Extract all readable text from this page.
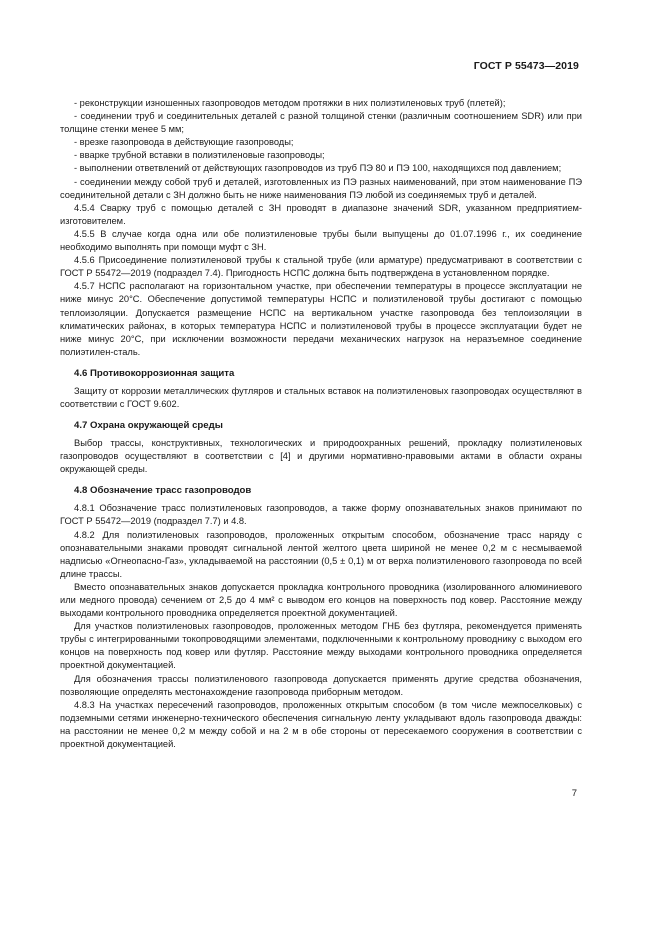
ГОСТ Р 55473—2019

- реконструкции изношенных газопроводов методом протяжки в них полиэтиленовых труб (плетей);

- соединении труб и соединительных деталей с разной толщиной стенки (различным соотношением SDR) или при толщине стенки менее 5 мм;

- врезке газопровода в действующие газопроводы;

- вварке трубной вставки в полиэтиленовые газопроводы;

- выполнении ответвлений от действующих газопроводов из труб ПЭ 80 и ПЭ 100, находящихся под давлением;

- соединении между собой труб и деталей, изготовленных из ПЭ разных наименований, при этом наименование ПЭ соединительной детали с ЗН должно быть не ниже наименования ПЭ любой из соединяемых труб и деталей.

4.5.4 Сварку труб с помощью деталей с ЗН проводят в диапазоне значений SDR, указанном предприятием-изготовителем.

4.5.5 В случае когда одна или обе полиэтиленовые трубы были выпущены до 01.07.1996 г., их соединение необходимо выполнять при помощи муфт с ЗН.

4.5.6 Присоединение полиэтиленовой трубы к стальной трубе (или арматуре) предусматривают в соответствии с ГОСТ Р 55472—2019 (подраздел 7.4). Пригодность НСПС должна быть подтверждена в установленном порядке.

4.5.7 НСПС располагают на горизонтальном участке, при обеспечении температуры в процессе эксплуатации не ниже минус 20°С. Обеспечение допустимой температуры НСПС и полиэтиленовой трубы достигают с помощью теплоизоляции. Допускается размещение НСПС на вертикальном участке газопровода без теплоизоляции в климатических районах, в которых температура НСПС и полиэтиленовой трубы в процессе эксплуатации будет не ниже минус 20°С, при исключении возможности передачи механических нагрузок на неразъемное соединение полиэтилен-сталь.

4.6 Противокоррозионная защита

Защиту от коррозии металлических футляров и стальных вставок на полиэтиленовых газопроводах осуществляют в соответствии с ГОСТ 9.602.

4.7 Охрана окружающей среды

Выбор трассы, конструктивных, технологических и природоохранных решений, прокладку полиэтиленовых газопроводов осуществляют в соответствии с [4] и другими нормативно-правовыми актами в области охраны окружающей среды.

4.8 Обозначение трасс газопроводов

4.8.1 Обозначение трасс полиэтиленовых газопроводов, а также форму опознавательных знаков принимают по ГОСТ Р 55472—2019 (подраздел 7.7) и 4.8.

4.8.2 Для полиэтиленовых газопроводов, проложенных открытым способом, обозначение трасс наряду с опознавательными знаками проводят сигнальной лентой желтого цвета шириной не менее 0,2 м с несмываемой надписью «Огнеопасно-Газ», укладываемой на расстоянии (0,5 ± 0,1) м от верха полиэтиленового газопровода по всей длине трассы.

Вместо опознавательных знаков допускается прокладка контрольного проводника (изолированного алюминиевого или медного провода) сечением от 2,5 до 4 мм² с выводом его концов на поверхность под ковер. Расстояние между выходами контрольного проводника определяется проектной документацией.

Для участков полиэтиленовых газопроводов, проложенных методом ГНБ без футляра, рекомендуется применять трубы с интегрированными токопроводящими элементами, подключенными к контрольному проводнику с выходом его концов на поверхность под ковер или футляр. Расстояние между выходами контрольного проводника определяется проектной документацией.

Для обозначения трассы полиэтиленового газопровода допускается применять другие средства обозначения, позволяющие определять местонахождение газопровода приборным методом.

4.8.3 На участках пересечений газопроводов, проложенных открытым способом (в том числе межпоселковых) с подземными сетями инженерно-технического обеспечения сигнальную ленту укладывают вдоль газопровода дважды: на расстоянии не менее 0,2 м между собой и на 2 м в обе стороны от пересекаемого сооружения в соответствии с проектной документацией.

7
